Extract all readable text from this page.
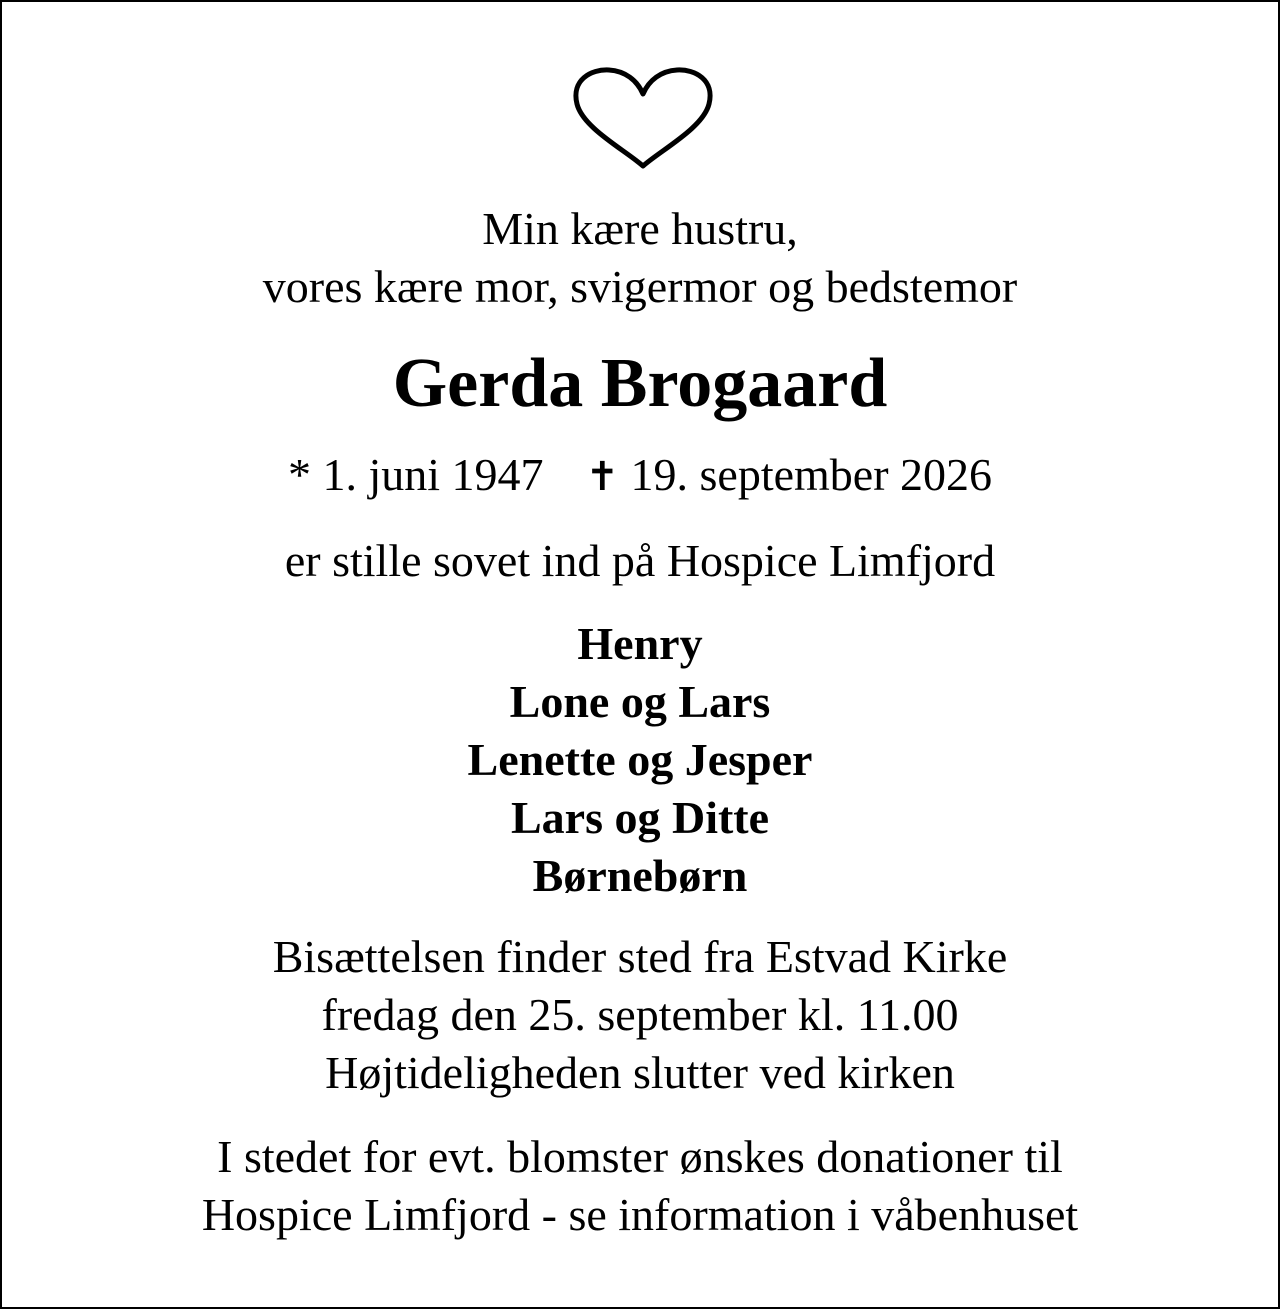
Min kære hustru,
vores kære mor, svigermor og bedstemor
Gerda Brogaard
* 1. juni 1947 ✝ 19. september 2026
er stille sovet ind på Hospice Limfjord
Henry
Lone og Lars
Lenette og Jesper
Lars og Ditte
Børnebørn
Bisættelsen finder sted fra Estvad Kirke
fredag den 25. september kl. 11.00
Højtideligheden slutter ved kirken
I stedet for evt. blomster ønskes donationer til
Hospice Limfjord - se information i våbenhuset
